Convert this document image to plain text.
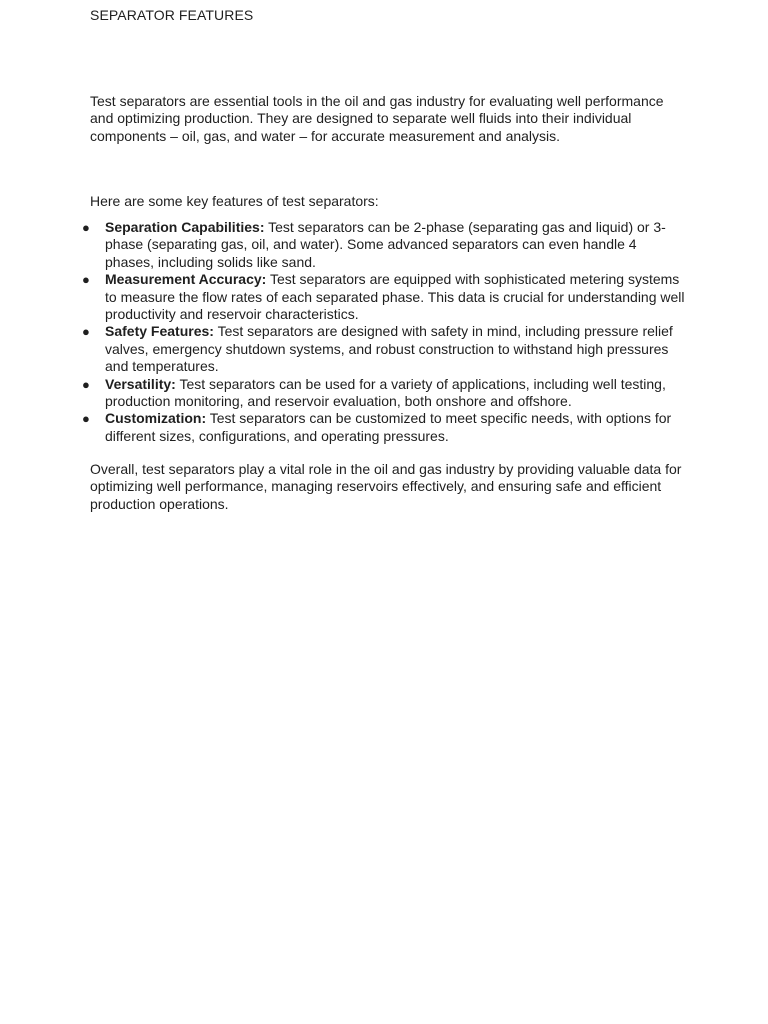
SEPARATOR FEATURES

Test separators are essential tools in the oil and gas industry for evaluating well performance and optimizing production. They are designed to separate well fluids into their individual components – oil, gas, and water – for accurate measurement and analysis.

Here are some key features of test separators:

● Separation Capabilities: Test separators can be 2-phase (separating gas and liquid) or 3-phase (separating gas, oil, and water). Some advanced separators can even handle 4 phases, including solids like sand.
● Measurement Accuracy: Test separators are equipped with sophisticated metering systems to measure the flow rates of each separated phase. This data is crucial for understanding well productivity and reservoir characteristics.
● Safety Features: Test separators are designed with safety in mind, including pressure relief valves, emergency shutdown systems, and robust construction to withstand high pressures and temperatures.
● Versatility: Test separators can be used for a variety of applications, including well testing, production monitoring, and reservoir evaluation, both onshore and offshore.
● Customization: Test separators can be customized to meet specific needs, with options for different sizes, configurations, and operating pressures.

Overall, test separators play a vital role in the oil and gas industry by providing valuable data for optimizing well performance, managing reservoirs effectively, and ensuring safe and efficient production operations.
